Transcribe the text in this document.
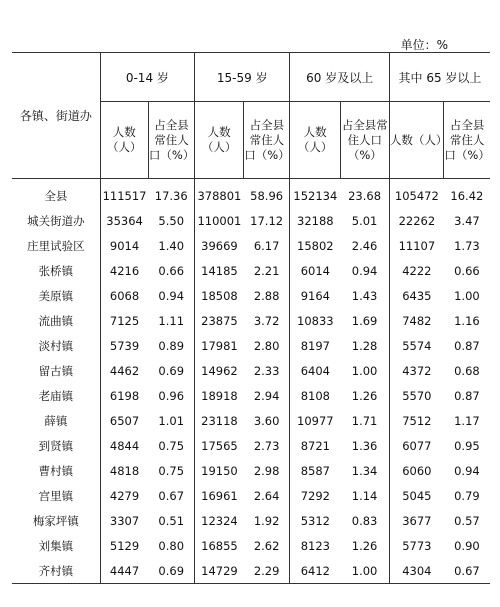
单位：%
各镇、街道办	0-14 岁		15-59 岁		60 岁及以上		其中 65 岁以上	
	人数（人）	占全县常住人口（%）	人数（人）	占全县常住人口（%）	人数（人）	占全县常住人口（%）	人数（人）	占全县常住人口（%）
全县	111517	17.36	378801	58.96	152134	23.68	105472	16.42
城关街道办	35364	5.50	110001	17.12	32188	5.01	22262	3.47
庄里试验区	9014	1.40	39669	6.17	15802	2.46	11107	1.73
张桥镇	4216	0.66	14185	2.21	6014	0.94	4222	0.66
美原镇	6068	0.94	18508	2.88	9164	1.43	6435	1.00
流曲镇	7125	1.11	23875	3.72	10833	1.69	7482	1.16
淡村镇	5739	0.89	17981	2.80	8197	1.28	5574	0.87
留古镇	4462	0.69	14962	2.33	6404	1.00	4372	0.68
老庙镇	6198	0.96	18918	2.94	8108	1.26	5570	0.87
薛镇	6507	1.01	23118	3.60	10977	1.71	7512	1.17
到贤镇	4844	0.75	17565	2.73	8721	1.36	6077	0.95
曹村镇	4818	0.75	19150	2.98	8587	1.34	6060	0.94
宫里镇	4279	0.67	16961	2.64	7292	1.14	5045	0.79
梅家坪镇	3307	0.51	12324	1.92	5312	0.83	3677	0.57
刘集镇	5129	0.80	16855	2.62	8123	1.26	5773	0.90
齐村镇	4447	0.69	14729	2.29	6412	1.00	4304	0.67
